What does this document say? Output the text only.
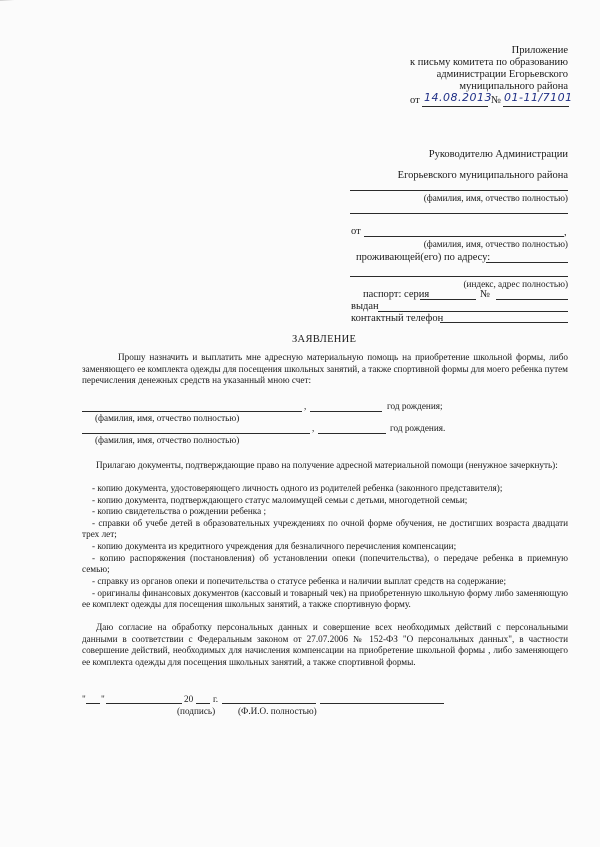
Приложение
к письму комитета по образованию
администрации Егорьевского
муниципального района
от 14.08.2013 № 01-11/7101
Руководителю Администрации
Егорьевского муниципального района
(фамилия, имя, отчество полностью)
от	,
(фамилия, имя, отчество полностью)
проживающей(его) по адресу:
(индекс, адрес полностью)
паспорт: серия	№
выдан
контактный телефон
ЗАЯВЛЕНИЕ
Прошу назначить и выплатить мне адресную материальную помощь на приобретение школьной формы, либо заменяющего ее комплекта одежды для посещения школьных занятий, а также спортивной формы для моего ребенка путем перечисления денежных средств на указанный мною счет:
,	год рождения;
(фамилия, имя, отчество полностью)
,	год рождения.
(фамилия, имя, отчество полностью)
Прилагаю документы, подтверждающие право на получение адресной материальной помощи (ненужное зачеркнуть):
- копию документа, удостоверяющего личность одного из родителей ребенка (законного представителя);
- копию документа, подтверждающего статус малоимущей семьи с детьми, многодетной семьи;
- копию свидетельства о рождении ребенка ;
- справки об учебе детей в образовательных учреждениях по очной форме обучения, не достигших возраста двадцати трех лет;
- копию документа из кредитного учреждения для безналичного перечисления компенсации;
- копию распоряжения (постановления) об установлении опеки (попечительства), о передаче ребенка в приемную семью;
- справку из органов опеки и попечительства о статусе ребенка и наличии выплат средств на содержание;
- оригиналы финансовых документов (кассовый и товарный чек) на приобретенную школьную форму либо заменяющую ее комплект одежды для посещения школьных занятий, а также спортивную форму.
Даю согласие на обработку персональных данных и совершение всех необходимых действий с персональными данными в соответствии с Федеральным законом от 27.07.2006 № 152-ФЗ "О персональных данных", в частности совершение действий, необходимых для начисления компенсации на приобретение школьной формы , либо заменяющего ее комплекта одежды для посещения школьных занятий, а также спортивной формы.
" "	20 г.
(подпись) (Ф.И.О. полностью)
